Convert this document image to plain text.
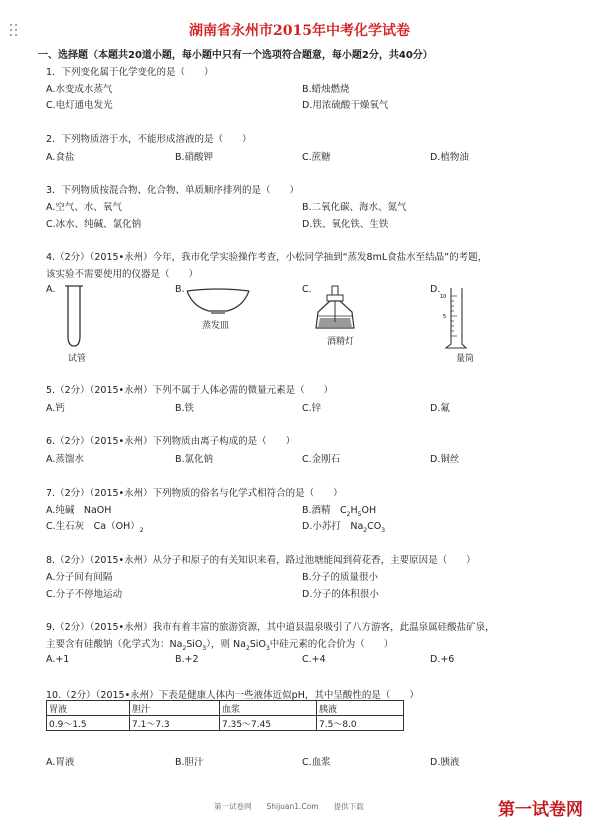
湖南省永州市2015年中考化学试卷
一、选择题（本题共20道小题，每小题中只有一个选项符合题意，每小题2分，共40分）
1．下列变化属于化学变化的是（　　）
A.水变成水蒸气	B.蜡烛燃烧
C.电灯通电发光	D.用浓硫酸干燥氧气
2．下列物质溶于水，不能形成溶液的是（　　）
A.食盐	B.硝酸钾	C.蔗糖	D.植物油
3．下列物质按混合物、化合物、单质顺序排列的是（　　）
A.空气、水、氧气	B.二氧化碳、海水、氮气
C.冰水、纯碱、氯化钠	D.铁、氧化铁、生铁
4.（2分）（2015•永州）今年，我市化学实验操作考查，小松同学抽到“蒸发8mL食盐水至结晶”的考题，
该实验不需要使用的仪器是（　　）
A.	B.	C.	D.
试管
蒸发皿
酒精灯
10
5
量筒
5.（2分）（2015•永州）下列不属于人体必需的微量元素是（　　）
A.钙	B.铁	C.锌	D.氟
6.（2分）（2015•永州）下列物质由离子构成的是（　　）
A.蒸馏水	B.氯化钠	C.金刚石	D.铜丝
7.（2分）（2015•永州）下列物质的俗名与化学式相符合的是（　　）
A.纯碱　NaOH	B.酒精　$C_2H_5OH$
C.生石灰　$Ca(OH)_2$	D.小苏打　$Na_2CO_3$
8.（2分）（2015•永州）从分子和原子的有关知识来看，路过池塘能闻到荷花香，主要原因是（　　）
A.分子间有间隔	B.分子的质量很小
C.分子不停地运动	D.分子的体积很小
9.（2分）（2015•永州）我市有着丰富的旅游资源，其中道县温泉吸引了八方游客，此温泉属硅酸盐矿泉，
主要含有硅酸钠（化学式为：$Na_2SiO_3$），则 $Na_2SiO_3$中硅元素的化合价为（　　）
A.+1	B.+2	C.+4	D.+6
10.（2分）（2015•永州）下表是健康人体内一些液体近似pH，其中呈酸性的是（　　）
胃液	胆汁	血浆	胰液
0.9～1.5	7.1～7.3	7.35～7.45	7.5～8.0
A.胃液	B.胆汁	C.血浆	D.胰液
第一试卷网　　Shijuan1.Com　　提供下载	第一试卷网
